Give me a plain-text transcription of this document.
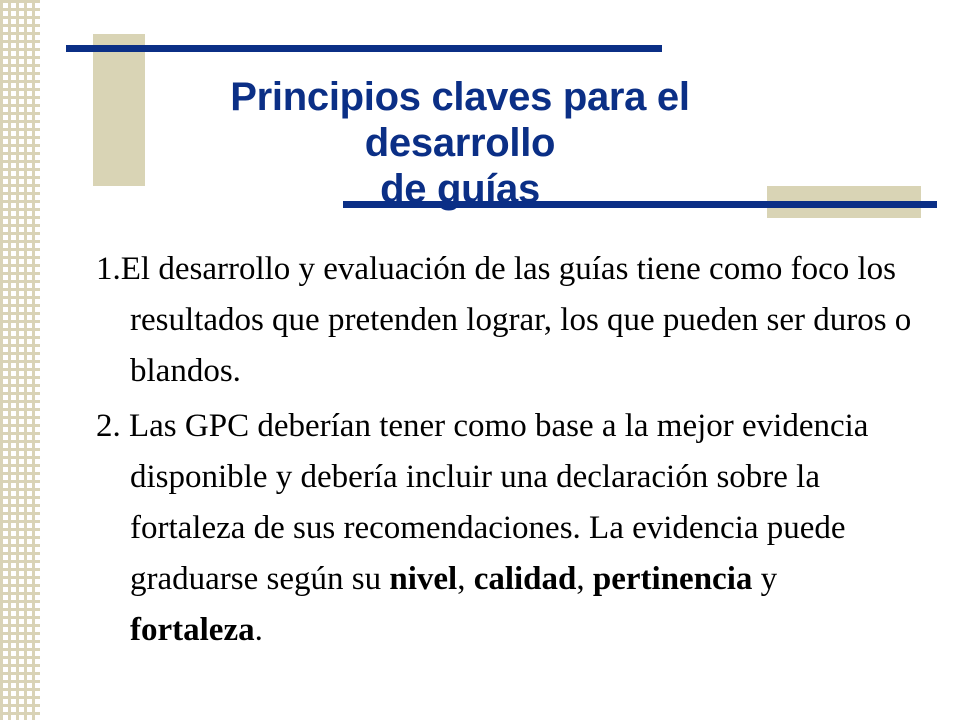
Principios claves para el desarrollo
de guías

1.El desarrollo y evaluación de las guías tiene como foco los resultados que pretenden lograr, los que pueden ser duros o blandos.

2. Las GPC deberían tener como base a la mejor evidencia disponible y debería incluir una declaración sobre la fortaleza de sus recomendaciones. La evidencia puede graduarse según su nivel, calidad, pertinencia y fortaleza.
